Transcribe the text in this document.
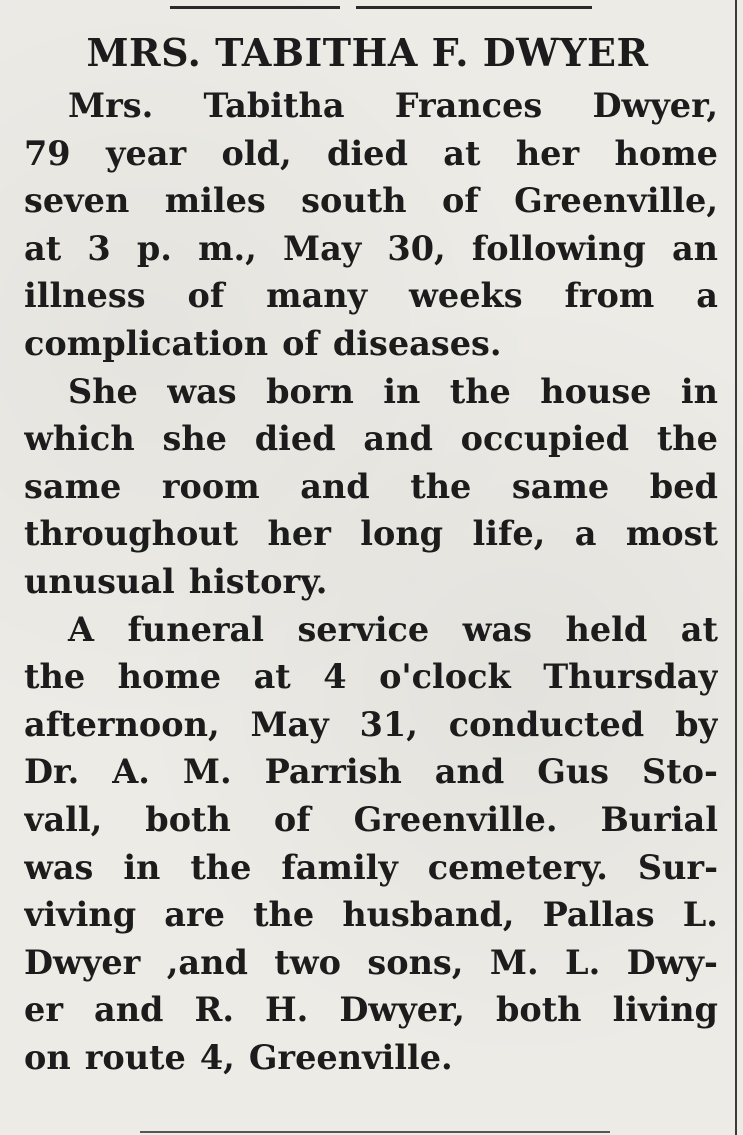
MRS. TABITHA F. DWYER
Mrs. Tabitha Frances Dwyer,
79 year old, died at her home
seven miles south of Greenville,
at 3 p. m., May 30, following an
illness of many weeks from a
complication of diseases.
She was born in the house in
which she died and occupied the
same room and the same bed
throughout her long life, a most
unusual history.
A funeral service was held at
the home at 4 o'clock Thursday
afternoon, May 31, conducted by
Dr. A. M. Parrish and Gus Sto-
vall, both of Greenville. Burial
was in the family cemetery. Sur-
viving are the husband, Pallas L.
Dwyer ,and two sons, M. L. Dwy-
er and R. H. Dwyer, both living
on route 4, Greenville.
